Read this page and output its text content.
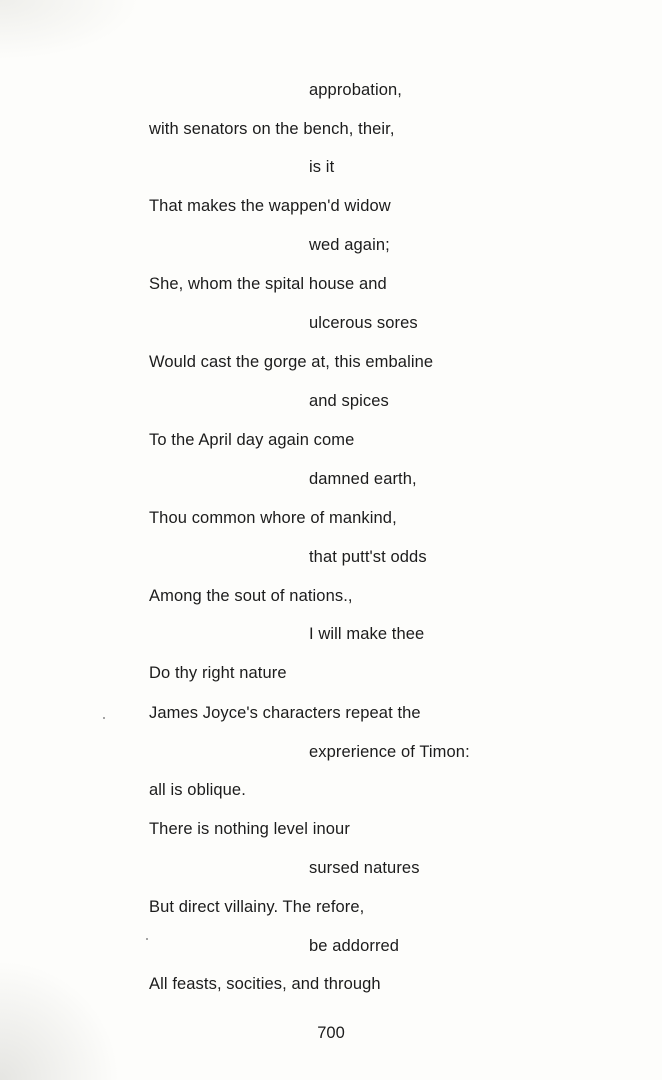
approbation,
with senators on the bench, their,
is it
That makes the wappen'd widow
wed again;
She, whom the spital house and
ulcerous sores
Would cast the gorge at, this embaline
and spices
To the April day again come
damned earth,
Thou common whore of mankind,
that putt'st odds
Among the sout of nations.,
I will make thee
Do thy right nature
James Joyce's characters repeat the
exprerience of Timon:
all is oblique.
There is nothing level inour
sursed natures
But direct villainy. The refore,
be addorred
All feasts, socities, and through
700
